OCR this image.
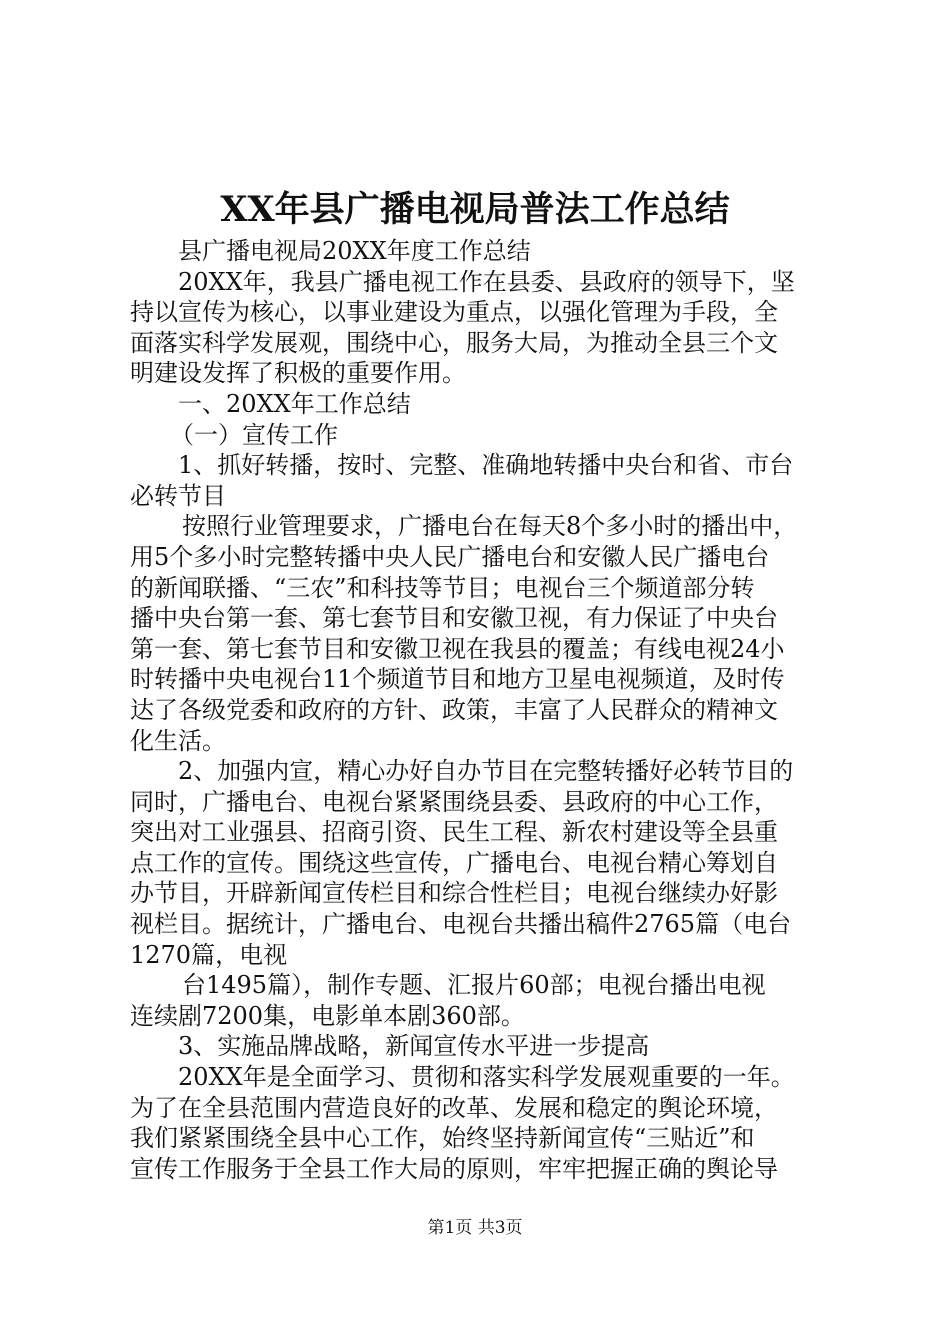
XX年县广播电视局普法工作总结
县广播电视局20XX年度工作总结
20XX年，我县广播电视工作在县委、县政府的领导下，坚
持以宣传为核心，以事业建设为重点，以强化管理为手段，全
面落实科学发展观，围绕中心，服务大局，为推动全县三个文
明建设发挥了积极的重要作用。
一、20XX年工作总结
（一）宣传工作
1、抓好转播，按时、完整、准确地转播中央台和省、市台
必转节目
按照行业管理要求，广播电台在每天8个多小时的播出中，
用5个多小时完整转播中央人民广播电台和安徽人民广播电台
的新闻联播、“三农”和科技等节目；电视台三个频道部分转
播中央台第一套、第七套节目和安徽卫视，有力保证了中央台
第一套、第七套节目和安徽卫视在我县的覆盖；有线电视24小
时转播中央电视台11个频道节目和地方卫星电视频道，及时传
达了各级党委和政府的方针、政策，丰富了人民群众的精神文
化生活。
2、加强内宣，精心办好自办节目在完整转播好必转节目的
同时，广播电台、电视台紧紧围绕县委、县政府的中心工作，
突出对工业强县、招商引资、民生工程、新农村建设等全县重
点工作的宣传。围绕这些宣传，广播电台、电视台精心筹划自
办节目，开辟新闻宣传栏目和综合性栏目；电视台继续办好影
视栏目。据统计，广播电台、电视台共播出稿件2765篇（电台
1270篇，电视
台1495篇），制作专题、汇报片60部；电视台播出电视
连续剧7200集，电影单本剧360部。
3、实施品牌战略，新闻宣传水平进一步提高
20XX年是全面学习、贯彻和落实科学发展观重要的一年。
为了在全县范围内营造良好的改革、发展和稳定的舆论环境，
我们紧紧围绕全县中心工作，始终坚持新闻宣传“三贴近”和
宣传工作服务于全县工作大局的原则，牢牢把握正确的舆论导
第1页 共3页
